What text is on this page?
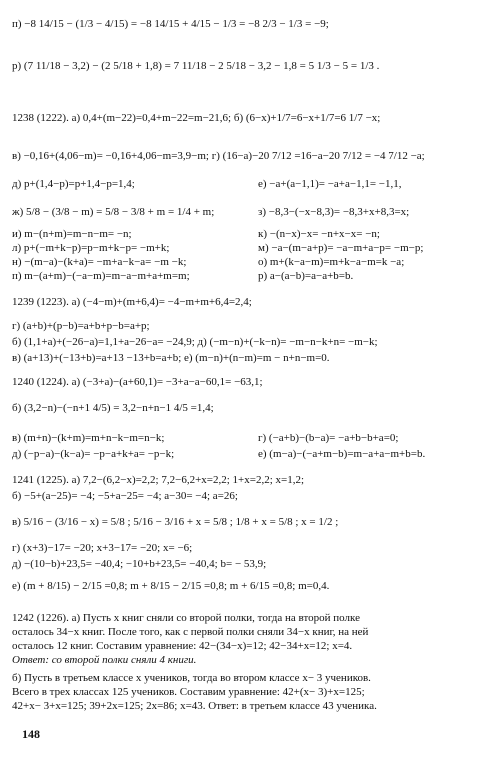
п) −8 14/15 − (1/3 − 4/15) = −8 14/15 + 4/15 − 1/3 = −8 2/3 − 1/3 = −9;
р) (7 11/18 − 3,2) − (2 5/18 + 1,8) = 7 11/18 − 2 5/18 − 3,2 − 1,8 = 5 1/3 − 5 = 1/3 .
1238 (1222). а) 0,4+(m−22)=0,4+m−22=m−21,6; б) (6−x)+1/7=6−x+1/7=6 1/7 −x;
в) −0,16+(4,06−m)= −0,16+4,06−m=3,9−m; г) (16−a)−20 7/12 =16−a−20 7/12 = −4 7/12 −a;
д) p+(1,4−p)=p+1,4−p=1,4;	е) −a+(a−1,1)= −a+a−1,1= −1,1,
ж) 5/8 − (3/8 − m) = 5/8 − 3/8 + m = 1/4 + m;	з) −8,3−(−x−8,3)= −8,3+x+8,3=x;
и) m−(n+m)=m−n−m= −n;	к) −(n−x)−x= −n+x−x= −n;
л) p+(−m+k−p)=p−m+k−p= −m+k;	м) −a−(m−a+p)= −a−m+a−p= −m−p;
н) −(m−a)−(k+a)= −m+a−k−a= −m −k;	о) m+(k−a−m)=m+k−a−m=k −a;
п) m−(a+m)−(−a−m)=m−a−m+a+m=m;	р) a−(a−b)=a−a+b=b.
1239 (1223). а) (−4−m)+(m+6,4)= −4−m+m+6,4=2,4;
г) (a+b)+(p−b)=a+b+p−b=a+p;
б) (1,1+a)+(−26−a)=1,1+a−26−a= −24,9; д) (−m−n)+(−k−n)= −m−n−k+n= −m−k;
в) (a+13)+(−13+b)=a+13 −13+b=a+b; е) (m−n)+(n−m)=m − n+n−m=0.
1240 (1224). а) (−3+a)−(a+60,1)= −3+a−a−60,1= −63,1;
б) (3,2−n)−(−n+1 4/5) = 3,2−n+n−1 4/5 =1,4;
в) (m+n)−(k+m)=m+n−k−m=n−k;	г) (−a+b)−(b−a)= −a+b−b+a=0;
д) (−p−a)−(k−a)= −p−a+k+a= −p−k;	е) (m−a)−(−a+m−b)=m−a+a−m+b=b.
1241 (1225). а) 7,2−(6,2−x)=2,2; 7,2−6,2+x=2,2; 1+x=2,2; x=1,2;
б) −5+(a−25)= −4; −5+a−25= −4; a−30= −4; a=26;
в) 5/16 − (3/16 − x) = 5/8 ; 5/16 − 3/16 + x = 5/8 ; 1/8 + x = 5/8 ; x = 1/2 ;
г) (x+3)−17= −20; x+3−17= −20; x= −6;
д) −(10−b)+23,5= −40,4; −10+b+23,5= −40,4; b= − 53,9;
е) (m + 8/15) − 2/15 =0,8; m + 8/15 − 2/15 =0,8; m + 6/15 =0,8; m=0,4.
1242 (1226). а) Пусть x книг сняли со второй полки, тогда на второй полке
осталось 34−x книг. После того, как с первой полки сняли 34−x книг, на ней
осталось 12 книг. Составим уравнение: 42−(34−x)=12; 42−34+x=12; x=4.
Ответ: со второй полки сняли 4 книги.
б) Пусть в третьем классе x учеников, тогда во втором классе x− 3 учеников.
Всего в трех классах 125 учеников. Составим уравнение: 42+(x− 3)+x=125;
42+x− 3+x=125; 39+2x=125; 2x=86; x=43. Ответ: в третьем классе 43 ученика.
148
